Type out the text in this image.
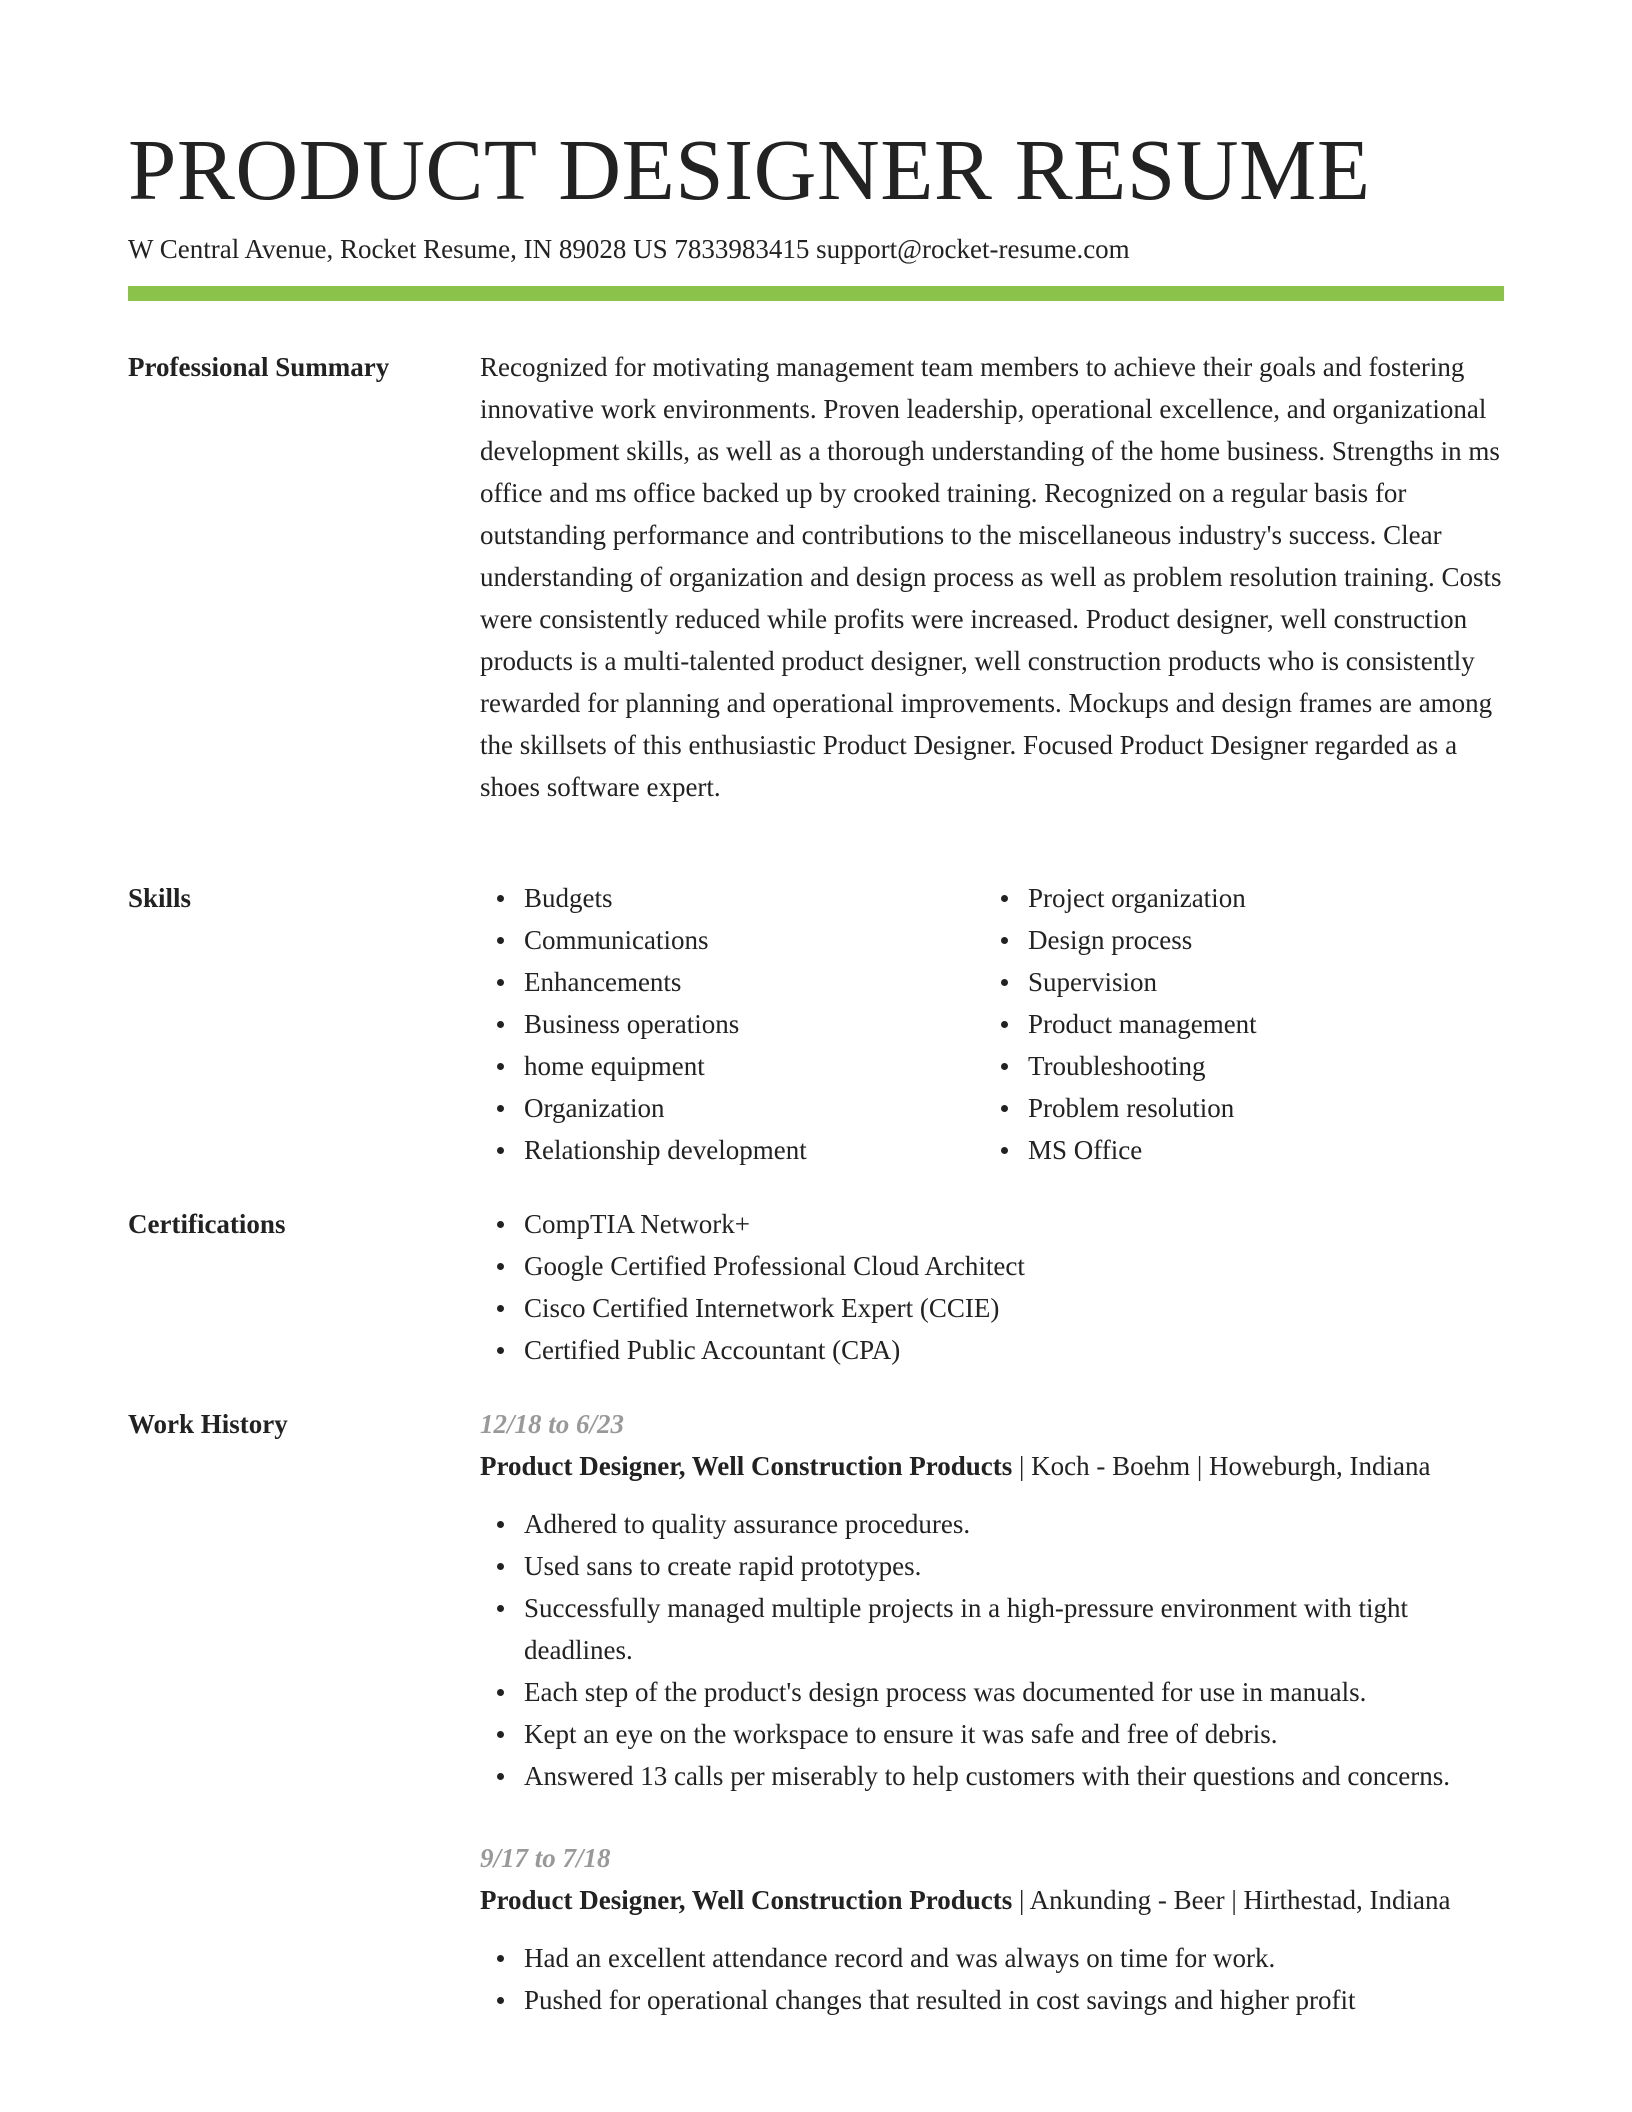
PRODUCT DESIGNER RESUME
W Central Avenue, Rocket Resume, IN 89028 US 7833983415 support@rocket-resume.com
Professional Summary	Recognized for motivating management team members to achieve their goals and fostering innovative work environments. Proven leadership, operational excellence, and organizational development skills, as well as a thorough understanding of the home business. Strengths in ms office and ms office backed up by crooked training. Recognized on a regular basis for outstanding performance and contributions to the miscellaneous industry's success. Clear understanding of organization and design process as well as problem resolution training. Costs were consistently reduced while profits were increased. Product designer, well construction products is a multi-talented product designer, well construction products who is consistently rewarded for planning and operational improvements. Mockups and design frames are among the skillsets of this enthusiastic Product Designer. Focused Product Designer regarded as a shoes software expert.

Skills	Budgets
Communications
Enhancements
Business operations
home equipment
Organization
Relationship development
Project organization
Design process
Supervision
Product management
Troubleshooting
Problem resolution
MS Office
Certifications	CompTIA Network+
Google Certified Professional Cloud Architect
Cisco Certified Internetwork Expert (CCIE)
Certified Public Accountant (CPA)
Work History	12/18 to 6/23
Product Designer, Well Construction Products | Koch - Boehm | Howeburgh, Indiana
Adhered to quality assurance procedures.
Used sans to create rapid prototypes.
Successfully managed multiple projects in a high-pressure environment with tight deadlines.
Each step of the product's design process was documented for use in manuals.
Kept an eye on the workspace to ensure it was safe and free of debris.
Answered 13 calls per miserably to help customers with their questions and concerns.
9/17 to 7/18
Product Designer, Well Construction Products | Ankunding - Beer | Hirthestad, Indiana
Had an excellent attendance record and was always on time for work.
Pushed for operational changes that resulted in cost savings and higher profit
